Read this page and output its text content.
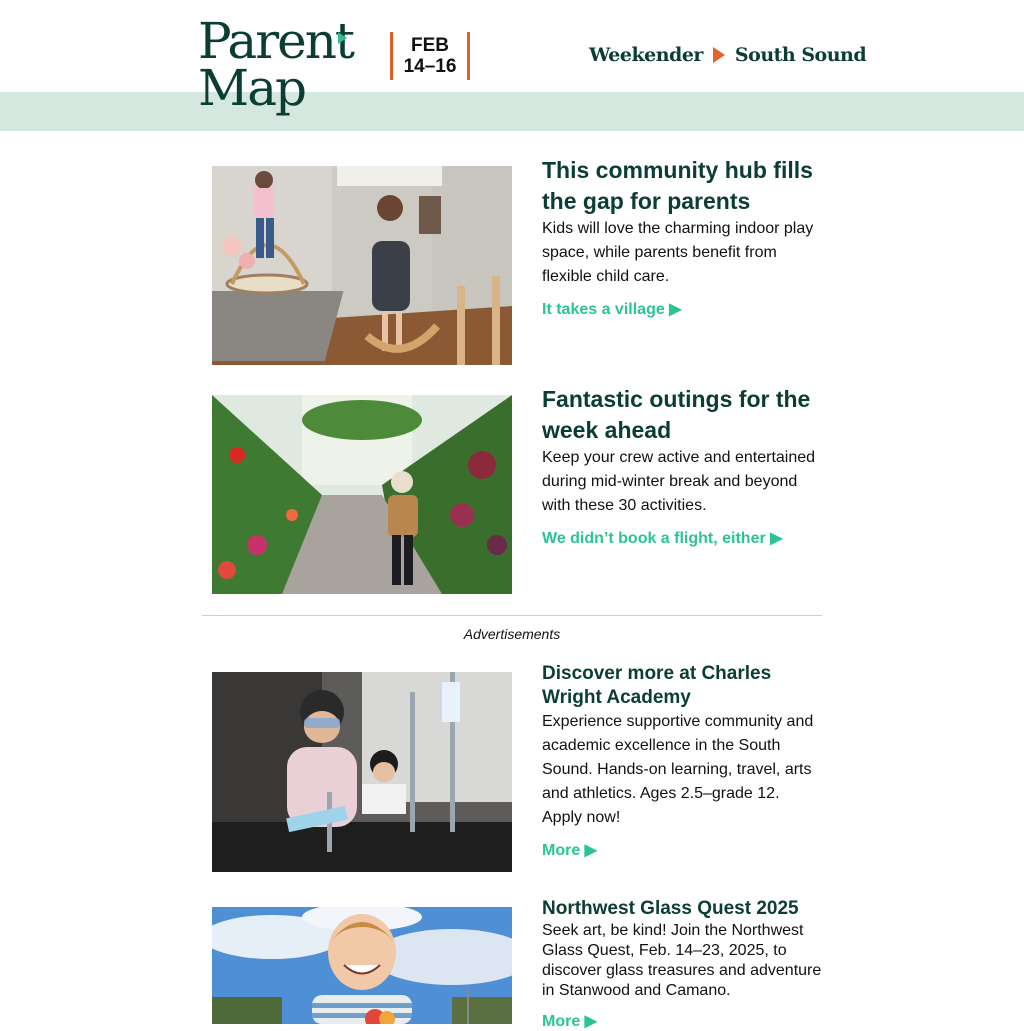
Parent
Map
FEB
14–16
Weekender South Sound
This community hub fills the gap for parents

Kids will love the charming indoor play space, while parents benefit from flexible child care.

It takes a village ▶
Fantastic outings for the week ahead

Keep your crew active and entertained during mid-winter break and beyond with these 30 activities.

We didn’t book a flight, either ▶
Advertisements
Discover more at Charles Wright Academy

Experience supportive community and academic excellence in the South Sound. Hands-on learning, travel, arts and athletics. Ages 2.5–grade 12. Apply now!

More ▶
Northwest Glass Quest 2025

Seek art, be kind! Join the Northwest Glass Quest, Feb. 14–23, 2025, to discover glass treasures and adventure in Stanwood and Camano.

More ▶
